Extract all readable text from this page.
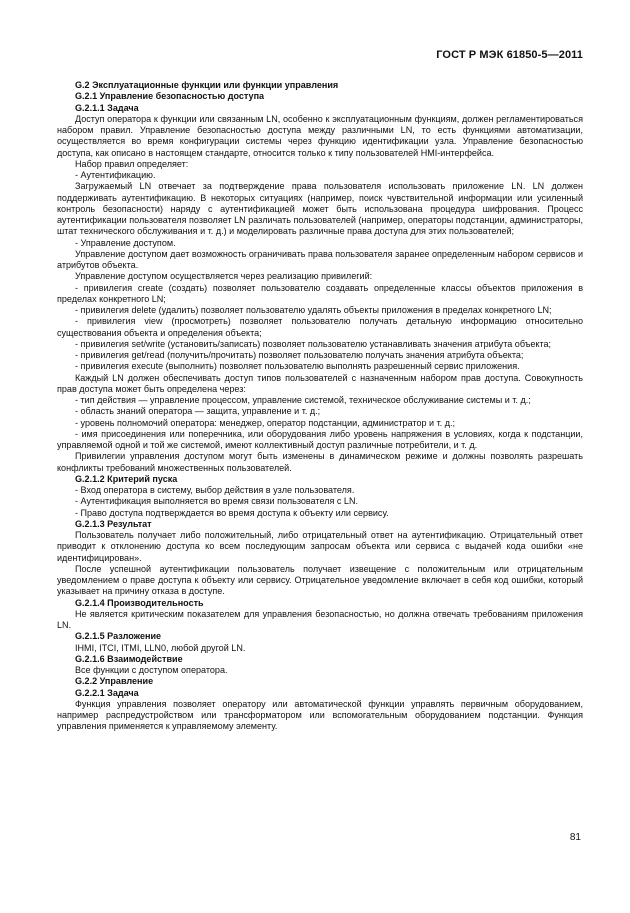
ГОСТ Р МЭК 61850-5—2011

G.2 Эксплуатационные функции или функции управления

G.2.1 Управление безопасностью доступа

G.2.1.1 Задача

Доступ оператора к функции или связанным LN, особенно к эксплуатационным функциям, должен регламентироваться набором правил. Управление безопасностью доступа между различными LN, то есть функциями автоматизации, осуществляется во время конфигурации системы через функцию идентификации узла. Управление безопасностью доступа, как описано в настоящем стандарте, относится только к типу пользователей HMI-интерфейса.

Набор правил определяет:

- Аутентификацию.

Загружаемый LN отвечает за подтверждение права пользователя использовать приложение LN. LN должен поддерживать аутентификацию. В некоторых ситуациях (например, поиск чувствительной информации или усиленный контроль безопасности) наряду с аутентификацией может быть использована процедура шифрования. Процесс аутентификации пользователя позволяет LN различать пользователей (например, операторы подстанции, администраторы, штат технического обслуживания и т. д.) и моделировать различные права доступа для этих пользователей;

- Управление доступом.

Управление доступом дает возможность ограничивать права пользователя заранее определенным набором сервисов и атрибутов объекта.

Управление доступом осуществляется через реализацию привилегий:

- привилегия create (создать) позволяет пользователю создавать определенные классы объектов приложения в пределах конкретного LN;

- привилегия delete (удалить) позволяет пользователю удалять объекты приложения в пределах конкретного LN;

- привилегия view (просмотреть) позволяет пользователю получать детальную информацию относительно существования объекта и определения объекта;

- привилегия set/write (установить/записать) позволяет пользователю устанавливать значения атрибута объекта;

- привилегия get/read (получить/прочитать) позволяет пользователю получать значения атрибута объекта;

- привилегия execute (выполнить) позволяет пользователю выполнять разрешенный сервис приложения.

Каждый LN должен обеспечивать доступ типов пользователей с назначенным набором прав доступа. Совокупность прав доступа может быть определена через:

- тип действия — управление процессом, управление системой, техническое обслуживание системы и т. д.;

- область знаний оператора — защита, управление и т. д.;

- уровень полномочий оператора: менеджер, оператор подстанции, администратор и т. д.;

- имя присоединения или поперечника, или оборудования либо уровень напряжения в условиях, когда к подстанции, управляемой одной и той же системой, имеют коллективный доступ различные потребители, и т. д.

Привилегии управления доступом могут быть изменены в динамическом режиме и должны позволять разрешать конфликты требований множественных пользователей.

G.2.1.2 Критерий пуска

- Вход оператора в систему, выбор действия в узле пользователя.

- Аутентификация выполняется во время связи пользователя с LN.

- Право доступа подтверждается во время доступа к объекту или сервису.

G.2.1.3 Результат

Пользователь получает либо положительный, либо отрицательный ответ на аутентификацию. Отрицательный ответ приводит к отклонению доступа ко всем последующим запросам объекта или сервиса с выдачей кода ошибки «не идентифицирован».

После успешной аутентификации пользователь получает извещение с положительным или отрицательным уведомлением о праве доступа к объекту или сервису. Отрицательное уведомление включает в себя код ошибки, который указывает на причину отказа в доступе.

G.2.1.4 Производительность

Не является критическим показателем для управления безопасностью, но должна отвечать требованиям приложения LN.

G.2.1.5 Разложение

IHMI, ITCI, ITMI, LLN0, любой другой LN.

G.2.1.6 Взаимодействие

Все функции с доступом оператора.

G.2.2 Управление

G.2.2.1 Задача

Функция управления позволяет оператору или автоматической функции управлять первичным оборудованием, например распредустройством или трансформатором или вспомогательным оборудованием подстанции. Функция управления применяется к управляемому элементу.

81
